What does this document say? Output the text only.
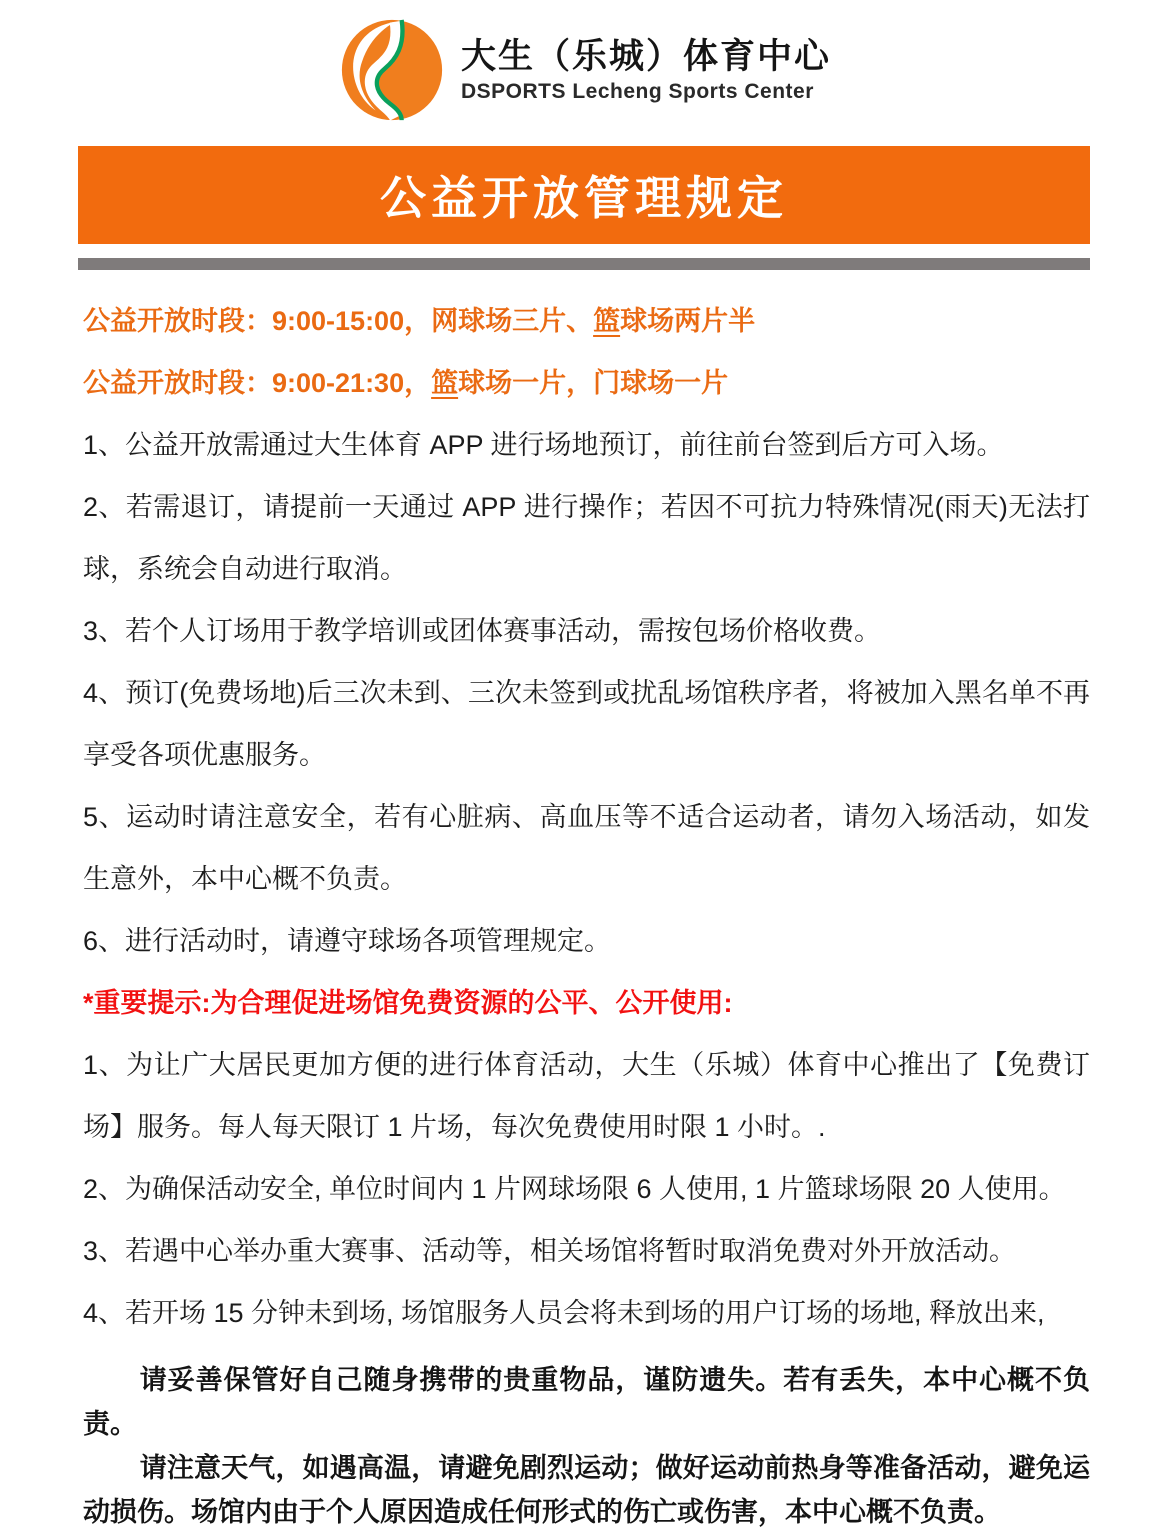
大生（乐城）体育中心
DSPORTS Lecheng Sports Center
公益开放管理规定

公益开放时段：9:00-15:00，网球场三片、篮球场两片半

公益开放时段：9:00-21:30，篮球场一片，门球场一片

1、公益开放需通过大生体育 APP 进行场地预订，前往前台签到后方可入场。

2、若需退订，请提前一天通过 APP 进行操作；若因不可抗力特殊情况(雨天)无法打球，系统会自动进行取消。

3、若个人订场用于教学培训或团体赛事活动，需按包场价格收费。

4、预订(免费场地)后三次未到、三次未签到或扰乱场馆秩序者，将被加入黑名单不再享受各项优惠服务。

5、运动时请注意安全，若有心脏病、高血压等不适合运动者，请勿入场活动，如发生意外，本中心概不负责。

6、进行活动时，请遵守球场各项管理规定。

*重要提示:为合理促进场馆免费资源的公平、公开使用:

1、为让广大居民更加方便的进行体育活动，大生（乐城）体育中心推出了【免费订场】服务。每人每天限订 1 片场，每次免费使用时限 1 小时。.

2、为确保活动安全, 单位时间内 1 片网球场限 6 人使用, 1 片篮球场限 20 人使用。

3、若遇中心举办重大赛事、活动等，相关场馆将暂时取消免费对外开放活动。

4、若开场 15 分钟未到场, 场馆服务人员会将未到场的用户订场的场地, 释放出来,

请妥善保管好自己随身携带的贵重物品，谨防遗失。若有丢失，本中心概不负责。

请注意天气，如遇高温，请避免剧烈运动；做好运动前热身等准备活动，避免运动损伤。场馆内由于个人原因造成任何形式的伤亡或伤害，本中心概不负责。
